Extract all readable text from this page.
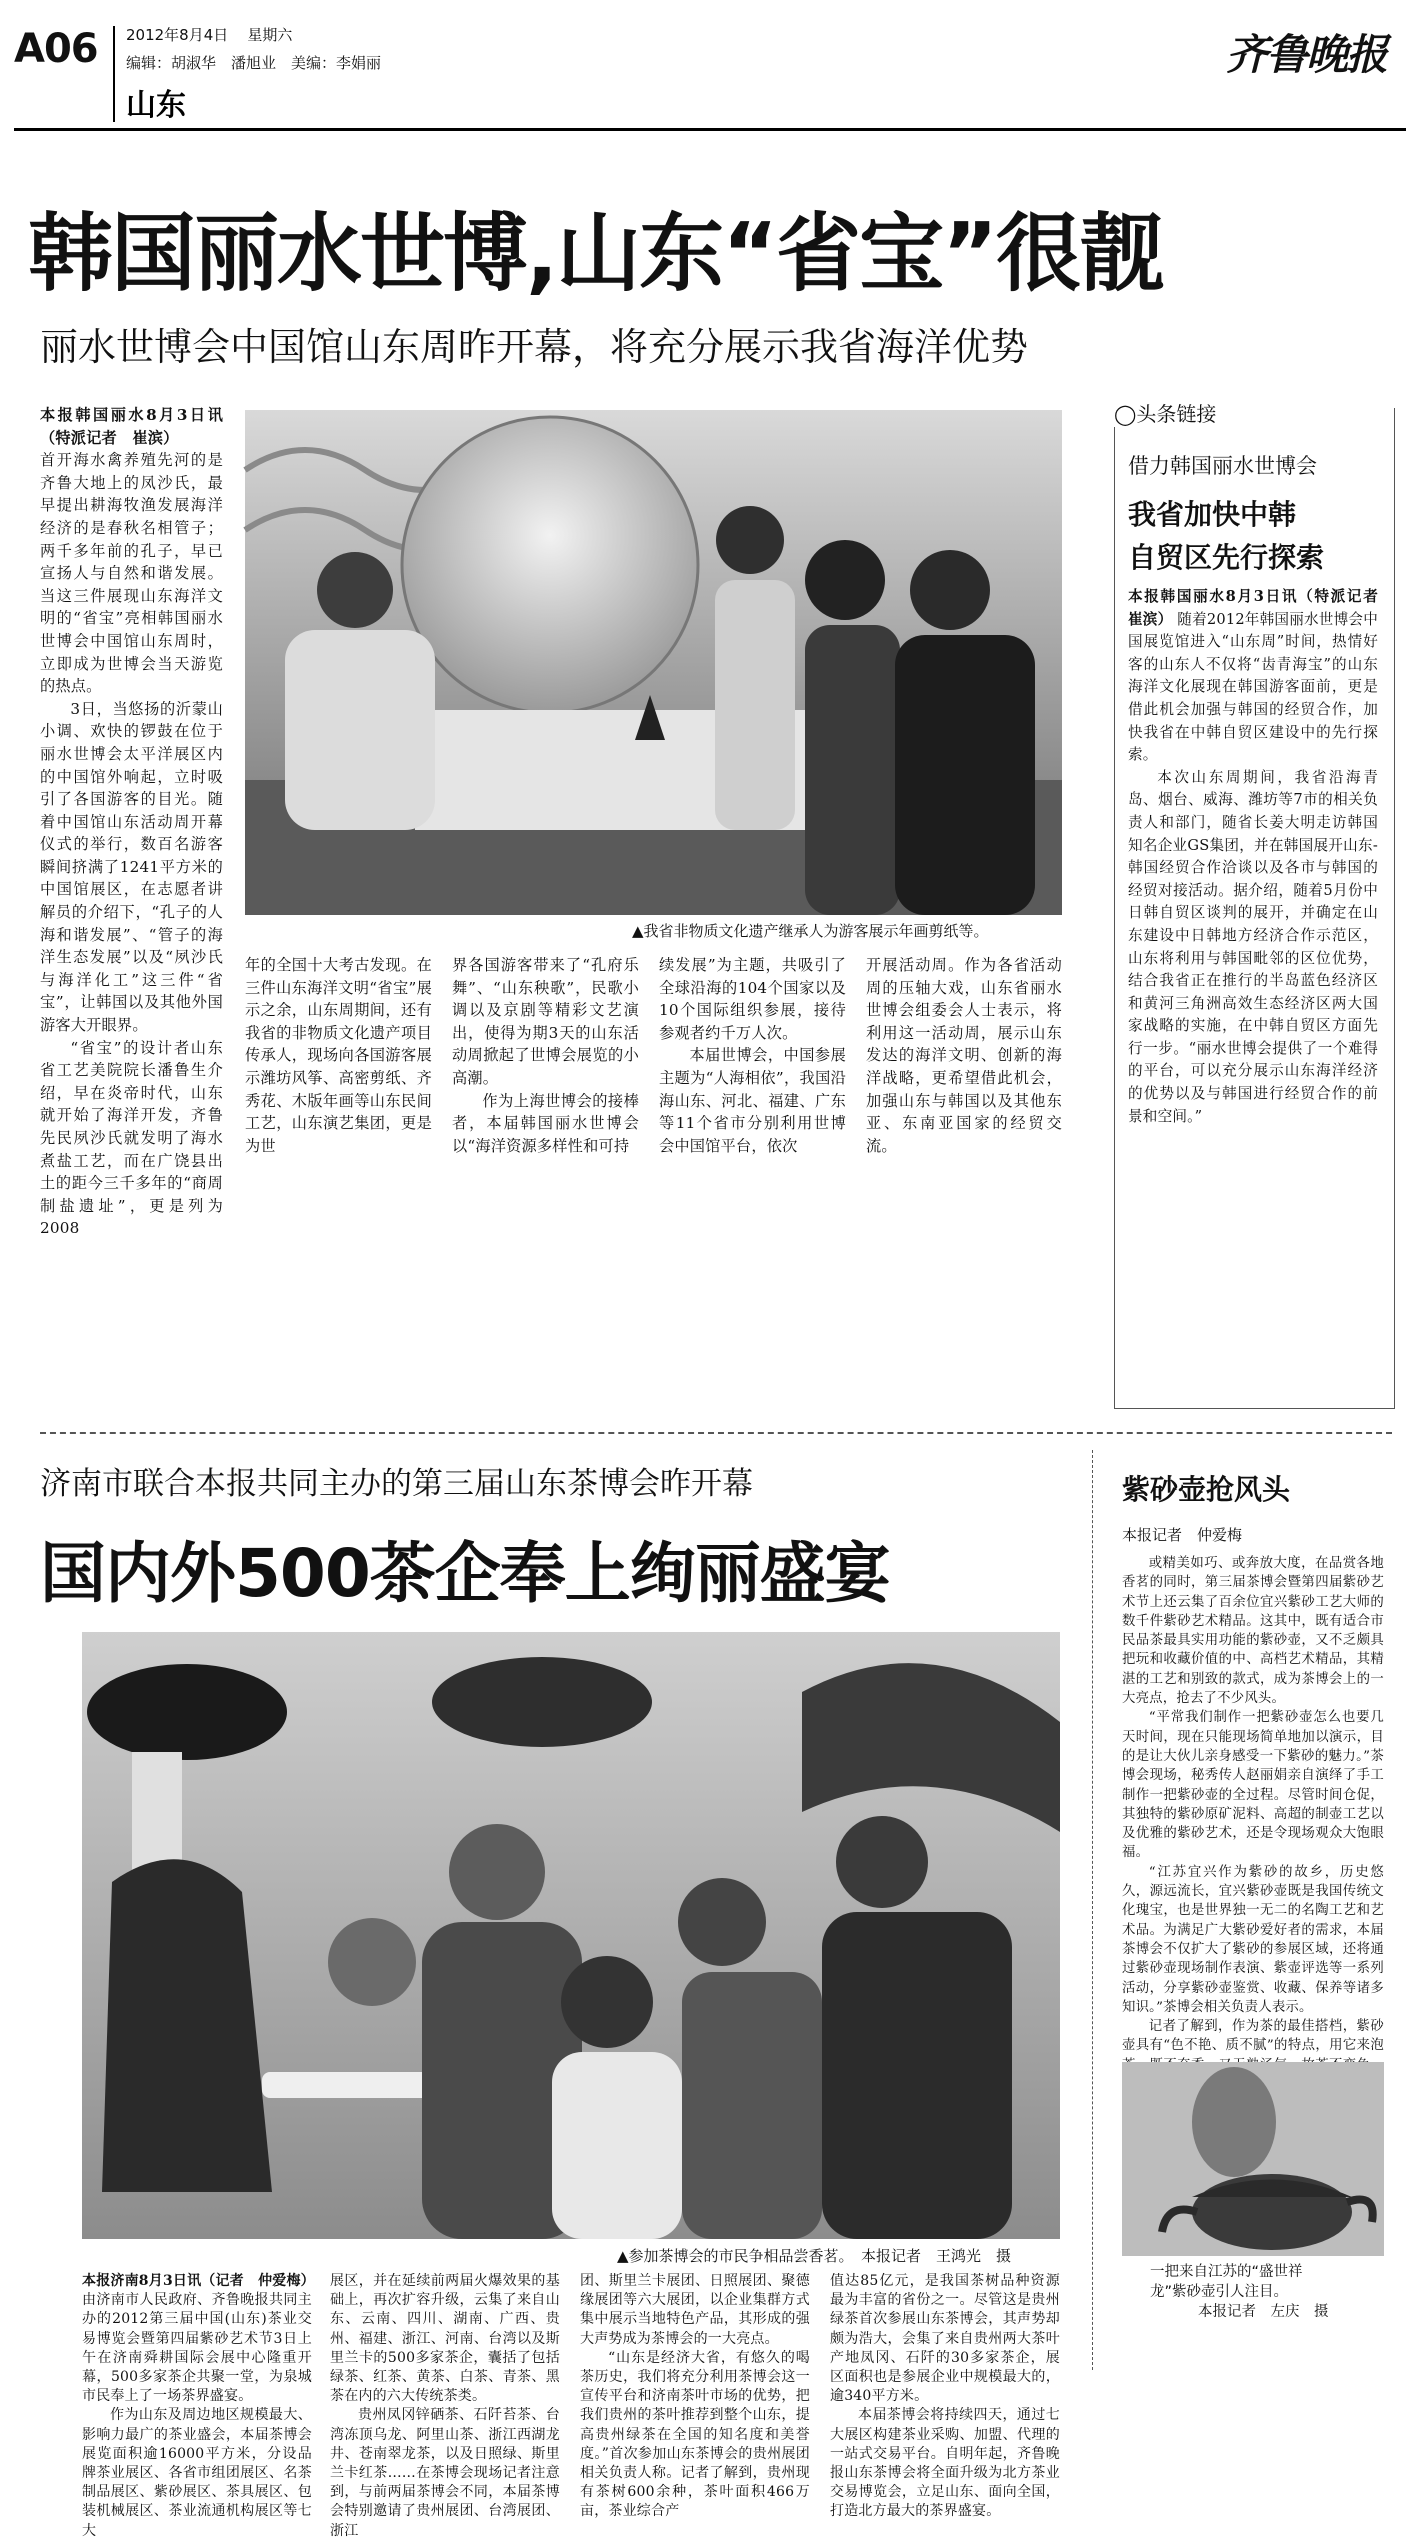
A06 2012年8月4日 星期六
编辑：胡淑华　潘旭业　美编：李娟丽
山东
齐鲁晚报
韩国丽水世博,山东“省宝”很靓
丽水世博会中国馆山东周昨开幕，将充分展示我省海洋优势

本报韩国丽水8月3日讯（特派记者　崔滨）

首开海水禽养殖先河的是齐鲁大地上的凤沙氏，最早提出耕海牧渔发展海洋经济的是春秋名相管子；两千多年前的孔子，早已宣扬人与自然和谐发展。当这三件展现山东海洋文明的“省宝”亮相韩国丽水世博会中国馆山东周时，立即成为世博会当天游览的热点。

3日，当悠扬的沂蒙山小调、欢快的锣鼓在位于丽水世博会太平洋展区内的中国馆外响起，立时吸引了各国游客的目光。随着中国馆山东活动周开幕仪式的举行，数百名游客瞬间挤满了1241平方米的中国馆展区，在志愿者讲解员的介绍下，“孔子的人海和谐发展”、“管子的海洋生态发展”以及“夙沙氏与海洋化工”这三件“省宝”，让韩国以及其他外国游客大开眼界。

“省宝”的设计者山东省工艺美院院长潘鲁生介绍，早在炎帝时代，山东就开始了海洋开发，齐鲁先民夙沙氏就发明了海水煮盐工艺，而在广饶县出土的距今三千多年的“商周制盐遗址”，更是列为2008

▲我省非物质文化遗产继承人为游客展示年画剪纸等。

年的全国十大考古发现。在三件山东海洋文明“省宝”展示之余，山东周期间，还有我省的非物质文化遗产项目传承人，现场向各国游客展示潍坊风筝、高密剪纸、齐秀花、木版年画等山东民间工艺，山东演艺集团，更是为世

界各国游客带来了“孔府乐舞”、“山东秧歌”，民歌小调以及京剧等精彩文艺演出，使得为期3天的山东活动周掀起了世博会展览的小高潮。

作为上海世博会的接棒者，本届韩国丽水世博会以“海洋资源多样性和可持

续发展”为主题，共吸引了全球沿海的104个国家以及10个国际组织参展，接待参观者约千万人次。

本届世博会，中国参展主题为“人海相依”，我国沿海山东、河北、福建、广东等11个省市分别利用世博会中国馆平台，依次

开展活动周。作为各省活动周的压轴大戏，山东省丽水世博会组委会人士表示，将利用这一活动周，展示山东发达的海洋文明、创新的海洋战略，更希望借此机会，加强山东与韩国以及其他东亚、东南亚国家的经贸交流。

◯头条链接
借力韩国丽水世博会
我省加快中韩
自贸区先行探索

本报韩国丽水8月3日讯（特派记者　崔滨） 随着2012年韩国丽水世博会中国展览馆进入“山东周”时间，热情好客的山东人不仅将“齿青海宝”的山东海洋文化展现在韩国游客面前，更是借此机会加强与韩国的经贸合作，加快我省在中韩自贸区建设中的先行探索。

本次山东周期间，我省沿海青岛、烟台、威海、潍坊等7市的相关负责人和部门，随省长姜大明走访韩国知名企业GS集团，并在韩国展开山东-韩国经贸合作洽谈以及各市与韩国的经贸对接活动。据介绍，随着5月份中日韩自贸区谈判的展开，并确定在山东建设中日韩地方经济合作示范区，山东将利用与韩国毗邻的区位优势，结合我省正在推行的半岛蓝色经济区和黄河三角洲高效生态经济区两大国家战略的实施，在中韩自贸区方面先行一步。“丽水世博会提供了一个难得的平台，可以充分展示山东海洋经济的优势以及与韩国进行经贸合作的前景和空间。”

济南市联合本报共同主办的第三届山东茶博会昨开幕
国内外500茶企奉上绚丽盛宴
▲参加茶博会的市民争相品尝香茗。　本报记者　王鸿光　摄

本报济南8月3日讯（记者　仲爱梅）由济南市人民政府、齐鲁晚报共同主办的2012第三届中国(山东)茶业交易博览会暨第四届紫砂艺术节3日上午在济南舜耕国际会展中心隆重开幕，500多家茶企共聚一堂，为泉城市民奉上了一场茶界盛宴。

作为山东及周边地区规模最大、影响力最广的茶业盛会，本届茶博会展览面积逾16000平方米，分设品牌茶业展区、各省市组团展区、名茶制品展区、紫砂展区、茶具展区、包装机械展区、茶业流通机构展区等七大

展区，并在延续前两届火爆效果的基础上，再次扩容升级，云集了来自山东、云南、四川、湖南、广西、贵州、福建、浙江、河南、台湾以及斯里兰卡的500多家茶企，囊括了包括绿茶、红茶、黄茶、白茶、青茶、黑茶在内的六大传统茶类。

贵州凤冈锌硒茶、石阡苔茶、台湾冻顶乌龙、阿里山茶、浙江西湖龙井、苍南翠龙茶，以及日照绿、斯里兰卡红茶……在茶博会现场记者注意到，与前两届茶博会不同，本届茶博会特别邀请了贵州展团、台湾展团、浙江

团、斯里兰卡展团、日照展团、聚德缘展团等六大展团，以企业集群方式集中展示当地特色产品，其形成的强大声势成为茶博会的一大亮点。

“山东是经济大省，有悠久的喝茶历史，我们将充分利用茶博会这一宣传平台和济南茶叶市场的优势，把我们贵州的茶叶推荐到整个山东，提高贵州绿茶在全国的知名度和美誉度。”首次参加山东茶博会的贵州展团相关负责人称。记者了解到，贵州现有茶树600余种，茶叶面积466万亩，茶业综合产

值达85亿元，是我国茶树品种资源最为丰富的省份之一。尽管这是贵州绿茶首次参展山东茶博会，其声势却颇为浩大，会集了来自贵州两大茶叶产地凤冈、石阡的30多家茶企，展区面积也是参展企业中规模最大的，逾340平方米。

本届茶博会将持续四天，通过七大展区构建茶业采购、加盟、代理的一站式交易平台。自明年起，齐鲁晚报山东茶博会将全面升级为北方茶业交易博览会，立足山东、面向全国，打造北方最大的茶界盛宴。

紫砂壶抢风头
本报记者　仲爱梅

或精美如巧、或奔放大度，在品赏各地香茗的同时，第三届茶博会暨第四届紫砂艺术节上还云集了百余位宜兴紫砂工艺大师的数千件紫砂艺术精品。这其中，既有适合市民品茶最具实用功能的紫砂壶，又不乏颇具把玩和收藏价值的中、高档艺术精品，其精湛的工艺和别致的款式，成为茶博会上的一大亮点，抢去了不少风头。

“平常我们制作一把紫砂壶怎么也要几天时间，现在只能现场简单地加以演示，目的是让大伙儿亲身感受一下紫砂的魅力。”茶博会现场，秘秀传人赵丽娟亲自演绎了手工制作一把紫砂壶的全过程。尽管时间仓促，其独特的紫砂原矿泥料、高超的制壶工艺以及优雅的紫砂艺术，还是令现场观众大饱眼福。

“江苏宜兴作为紫砂的故乡，历史悠久，源远流长，宜兴紫砂壶既是我国传统文化瑰宝，也是世界独一无二的名陶工艺和艺术品。为满足广大紫砂爱好者的需求，本届茶博会不仅扩大了紫砂的参展区域，还将通过紫砂壶现场制作表演、紫壶评选等一系列活动，分享紫砂壶鉴赏、收藏、保养等诸多知识。”茶博会相关负责人表示。

记者了解到，作为茶的最佳搭档，紫砂壶具有“色不艳、质不腻”的特点，用它来泡

一把来自江苏的“盛世祥
龙”紫砂壶引人注目。
本报记者　左庆　摄
